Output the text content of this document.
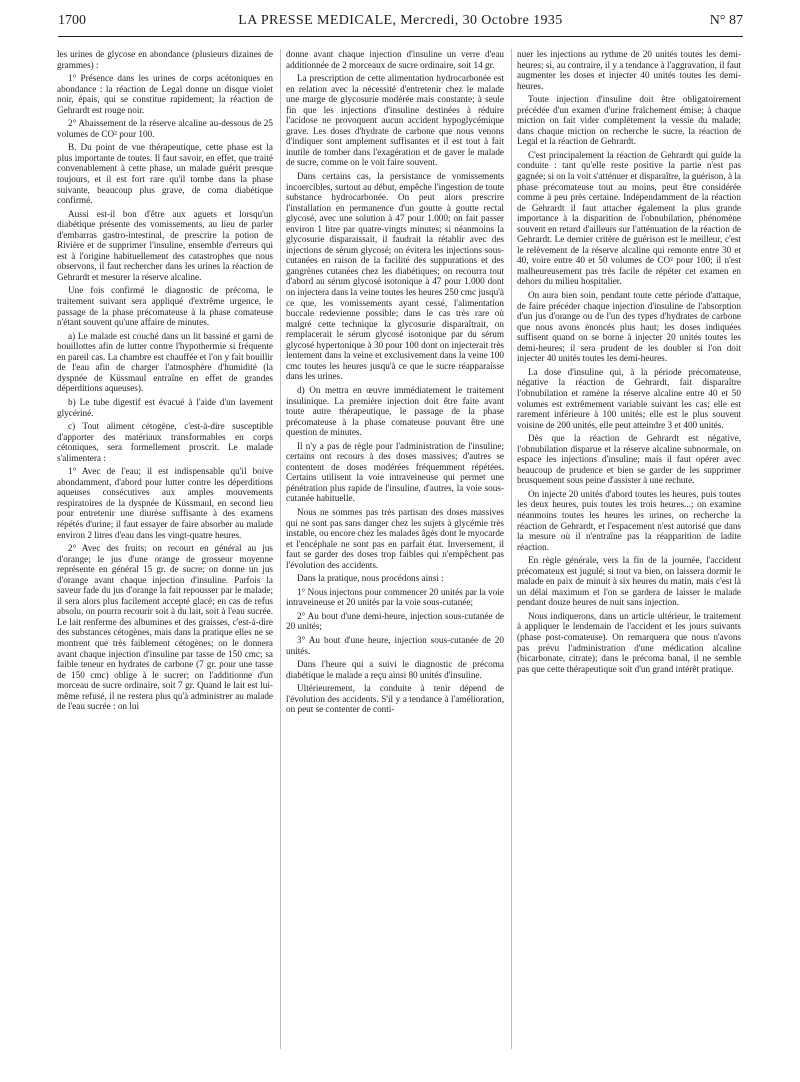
1700	LA PRESSE MEDICALE, Mercredi, 30 Octobre 1935	N° 87

les urines de glycose en abondance (plusieurs dizaines de grammes) :

1° Présence dans les urines de corps acétoniques en abondance : la réaction de Legal donne un disque violet noir, épais, qui se constitue rapidement; la réaction de Gehrardt est rouge noir.

2° Abaissement de la réserve alcaline au-dessous de 25 volumes de CO² pour 100.

B. Du point de vue thérapeutique, cette phase est la plus importante de toutes. Il faut savoir, en effet, que traité convenablement à cette phase, un malade guérit presque toujours, et il est fort rare qu'il tombe dans la phase suivante, beaucoup plus grave, de coma diabétique confirmé.

Aussi est-il bon d'être aux aguets et lorsqu'un diabétique présente des vomissements, au lieu de parler d'embarras gastro-intestinal, de prescrire la potion de Rivière et de supprimer l'insuline, ensemble d'erreurs qui est à l'origine habituellement des catastrophes que nous observons, il faut rechercher dans les urines la réaction de Gehrardt et mesurer la réserve alcaline.

Une fois confirmé le diagnostic de précoma, le traitement suivant sera appliqué d'extrême urgence, le passage de la phase précomateuse à la phase comateuse n'étant souvent qu'une affaire de minutes.

a) Le malade est couché dans un lit bassiné et garni de bouillottes afin de lutter contre l'hypothermie si fréquente en pareil cas. La chambre est chauffée et l'on y fait bouillir de l'eau afin de charger l'atmosphère d'humidité (la dyspnée de Küssmaul entraîne en effet de grandes déperditions aqueuses).

b) Le tube digestif est évacué à l'aide d'un lavement glycériné.

c) Tout aliment cétogène, c'est-à-dire susceptible d'apporter des matériaux transformables en corps cétoniques, sera formellement proscrit. Le malade s'alimentera :

1° Avec de l'eau; il est indispensable qu'il boive abondamment, d'abord pour lutter contre les déperditions aqueuses consécutives aux amples mouvements respiratoires de la dyspnée de Küssmaul, en second lieu pour entretenir une diurèse suffisante à des examens répétés d'urine; il faut essayer de faire absorber au malade environ 2 litres d'eau dans les vingt-quatre heures.

2° Avec des fruits; on recourt en général au jus d'orange; le jus d'une orange de grosseur moyenne représente en général 15 gr. de sucre; on donne un jus d'orange avant chaque injection d'insuline. Parfois la saveur fade du jus d'orange la fait repousser par le malade; il sera alors plus facilement accepté glacé; en cas de refus absolu, on pourra recourir soit à du lait, soit à l'eau sucrée. Le lait renferme des albumines et des graisses, c'est-à-dire des substances cétogènes, mais dans la pratique elles ne se montrent que très faiblement cétogènes; on le donnera avant chaque injection d'insuline par tasse de 150 cmc; sa faible teneur en hydrates de carbone (7 gr. pour une tasse de 150 cmc) oblige à le sucrer; on l'additionne d'un morceau de sucre ordinaire, soit 7 gr. Quand le lait est lui-même refusé, il ne restera plus qu'à administrer au malade de l'eau sucrée : on lui

donne avant chaque injection d'insuline un verre d'eau additionnée de 2 morceaux de sucre ordinaire, soit 14 gr.

La prescription de cette alimentation hydrocarbonée est en relation avec la nécessité d'entretenir chez le malade une marge de glycosurie modérée mais constante; à seule fin que les injections d'insuline destinées à réduire l'acidose ne provoquent aucun accident hypoglycémique grave. Les doses d'hydrate de carbone que nous venons d'indiquer sont amplement suffisantes et il est tout à fait inutile de tomber dans l'exagération et de gaver le malade de sucre, comme on le voit faire souvent.

Dans certains cas, la persistance de vomissements incoercibles, surtout au début, empêche l'ingestion de toute substance hydrocarbonée. On peut alors prescrire l'installation en permanence d'un goutte à goutte rectal glycosé, avec une solution à 47 pour 1.000; on fait passer environ 1 litre par quatre-vingts minutes; si néanmoins la glycosurie disparaissait, il faudrait la rétablir avec des injections de sérum glycosé; on évitera les injections sous-cutanées en raison de la facilité des suppurations et des gangrènes cutanées chez les diabétiques; on recourra tout d'abord au sérum glycosé isotonique à 47 pour 1.000 dont on injectera dans la veine toutes les heures 250 cmc jusqu'à ce que, les vomissements ayant cessé, l'alimentation buccale redevienne possible; dans le cas très rare où malgré cette technique la glycosurie disparaîtrait, on remplacerait le sérum glycosé isotonique par du sérum glycosé hypertonique à 30 pour 100 dont on injecterait très lentement dans la veine et exclusivement dans la veine 100 cmc toutes les heures jusqu'à ce que le sucre réapparaisse dans les urines.

d) On mettra en œuvre immédiatement le traitement insulinique. La première injection doit être faite avant toute autre thérapeutique, le passage de la phase précomateuse à la phase comateuse pouvant être une question de minutes.

Il n'y a pas de règle pour l'administration de l'insuline; certains ont recours à des doses massives; d'autres se contentent de doses modérées fréquemment répétées. Certains utilisent la voie intraveineuse qui permet une pénétration plus rapide de l'insuline, d'autres, la voie sous-cutanée habituelle.

Nous ne sommes pas très partisan des doses massives qui ne sont pas sans danger chez les sujets à glycémie très instable, ou encore chez les malades âgés dont le myocarde et l'encéphale ne sont pas en parfait état. Inversement, il faut se garder des doses trop faibles qui n'empêchent pas l'évolution des accidents.

Dans la pratique, nous procédons ainsi :

1° Nous injectons pour commencer 20 unités par la voie intraveineuse et 20 unités par la voie sous-cutanée;

2° Au bout d'une demi-heure, injection sous-cutanée de 20 unités;

3° Au bout d'une heure, injection sous-cutanée de 20 unités.

Dans l'heure qui a suivi le diagnostic de précoma diabétique le malade a reçu ainsi 80 unités d'insuline.

Ultérieurement, la conduite à tenir dépend de l'évolution des accidents. S'il y a tendance à l'amélioration, on peut se contenter de conti-

nuer les injections au rythme de 20 unités toutes les demi-heures; si, au contraire, il y a tendance à l'aggravation, il faut augmenter les doses et injecter 40 unités toutes les demi-heures.

Toute injection d'insuline doit être obligatoirement précédée d'un examen d'urine fraîchement émise; à chaque miction on fait vider complètement la vessie du malade; dans chaque miction on recherche le sucre, la réaction de Legal et la réaction de Gehrardt.

C'est principalement la réaction de Gehrardt qui guide la conduite : tant qu'elle reste positive la partie n'est pas gagnée; si on la voit s'atténuer et disparaître, la guérison, à la phase précomateuse tout au moins, peut être considérée comme à peu près certaine. Indépendamment de la réaction de Gehrardt il faut attacher également la plus grande importance à la disparition de l'obnubilation, phénomène souvent en retard d'ailleurs sur l'atténuation de la réaction de Gehrardt. Le dernier critère de guérison est le meilleur, c'est le relèvement de la réserve alcaline qui remonte entre 30 et 40, voire entre 40 et 50 volumes de CO² pour 100; il n'est malheureusement pas très facile de répéter cet examen en dehors du milieu hospitalier.

On aura bien soin, pendant toute cette période d'attaque, de faire précéder chaque injection d'insuline de l'absorption d'un jus d'orange ou de l'un des types d'hydrates de carbone que nous avons énoncés plus haut; les doses indiquées suffisent quand on se borne à injecter 20 unités toutes les demi-heures; il sera prudent de les doubler si l'on doit injecter 40 unités toutes les demi-heures.

La dose d'insuline qui, à la période précomateuse, négative la réaction de Gehrardt, fait disparaître l'obnubilation et ramène la réserve alcaline entre 40 et 50 volumes est extrêmement variable suivant les cas; elle est rarement inférieure à 100 unités; elle est le plus souvent voisine de 200 unités, elle peut atteindre 3 et 400 unités.

Dès que la réaction de Gehrardt est négative, l'obnubilation disparue et la réserve alcaline subnormale, on espace les injections d'insuline; mais il faut opérer avec beaucoup de prudence et bien se garder de les supprimer brusquement sous peine d'assister à une rechute.

On injecte 20 unités d'abord toutes les heures, puis toutes les deux heures, puis toutes les trois heures...; on examine néanmoins toutes les heures les urines, on recherche la réaction de Gehrardt, et l'espacement n'est autorisé que dans la mesure où il n'entraîne pas la réapparition de ladite réaction.

En règle générale, vers la fin de la journée, l'accident précomateux est jugulé; si tout va bien, on laissera dormir le malade en paix de minuit à six heures du matin, mais c'est là un délai maximum et l'on se gardera de laisser le malade pendant douze heures de nuit sans injection.

Nous indiquerons, dans un article ultérieur, le traitement à appliquer le lendemain de l'accident et les jours suivants (phase post-comateuse). On remarquera que nous n'avons pas prévu l'administration d'une médication alcaline (bicarbonate, citrate); dans le précoma banal, il ne semble pas que cette thérapeutique soit d'un grand intérêt pratique.
